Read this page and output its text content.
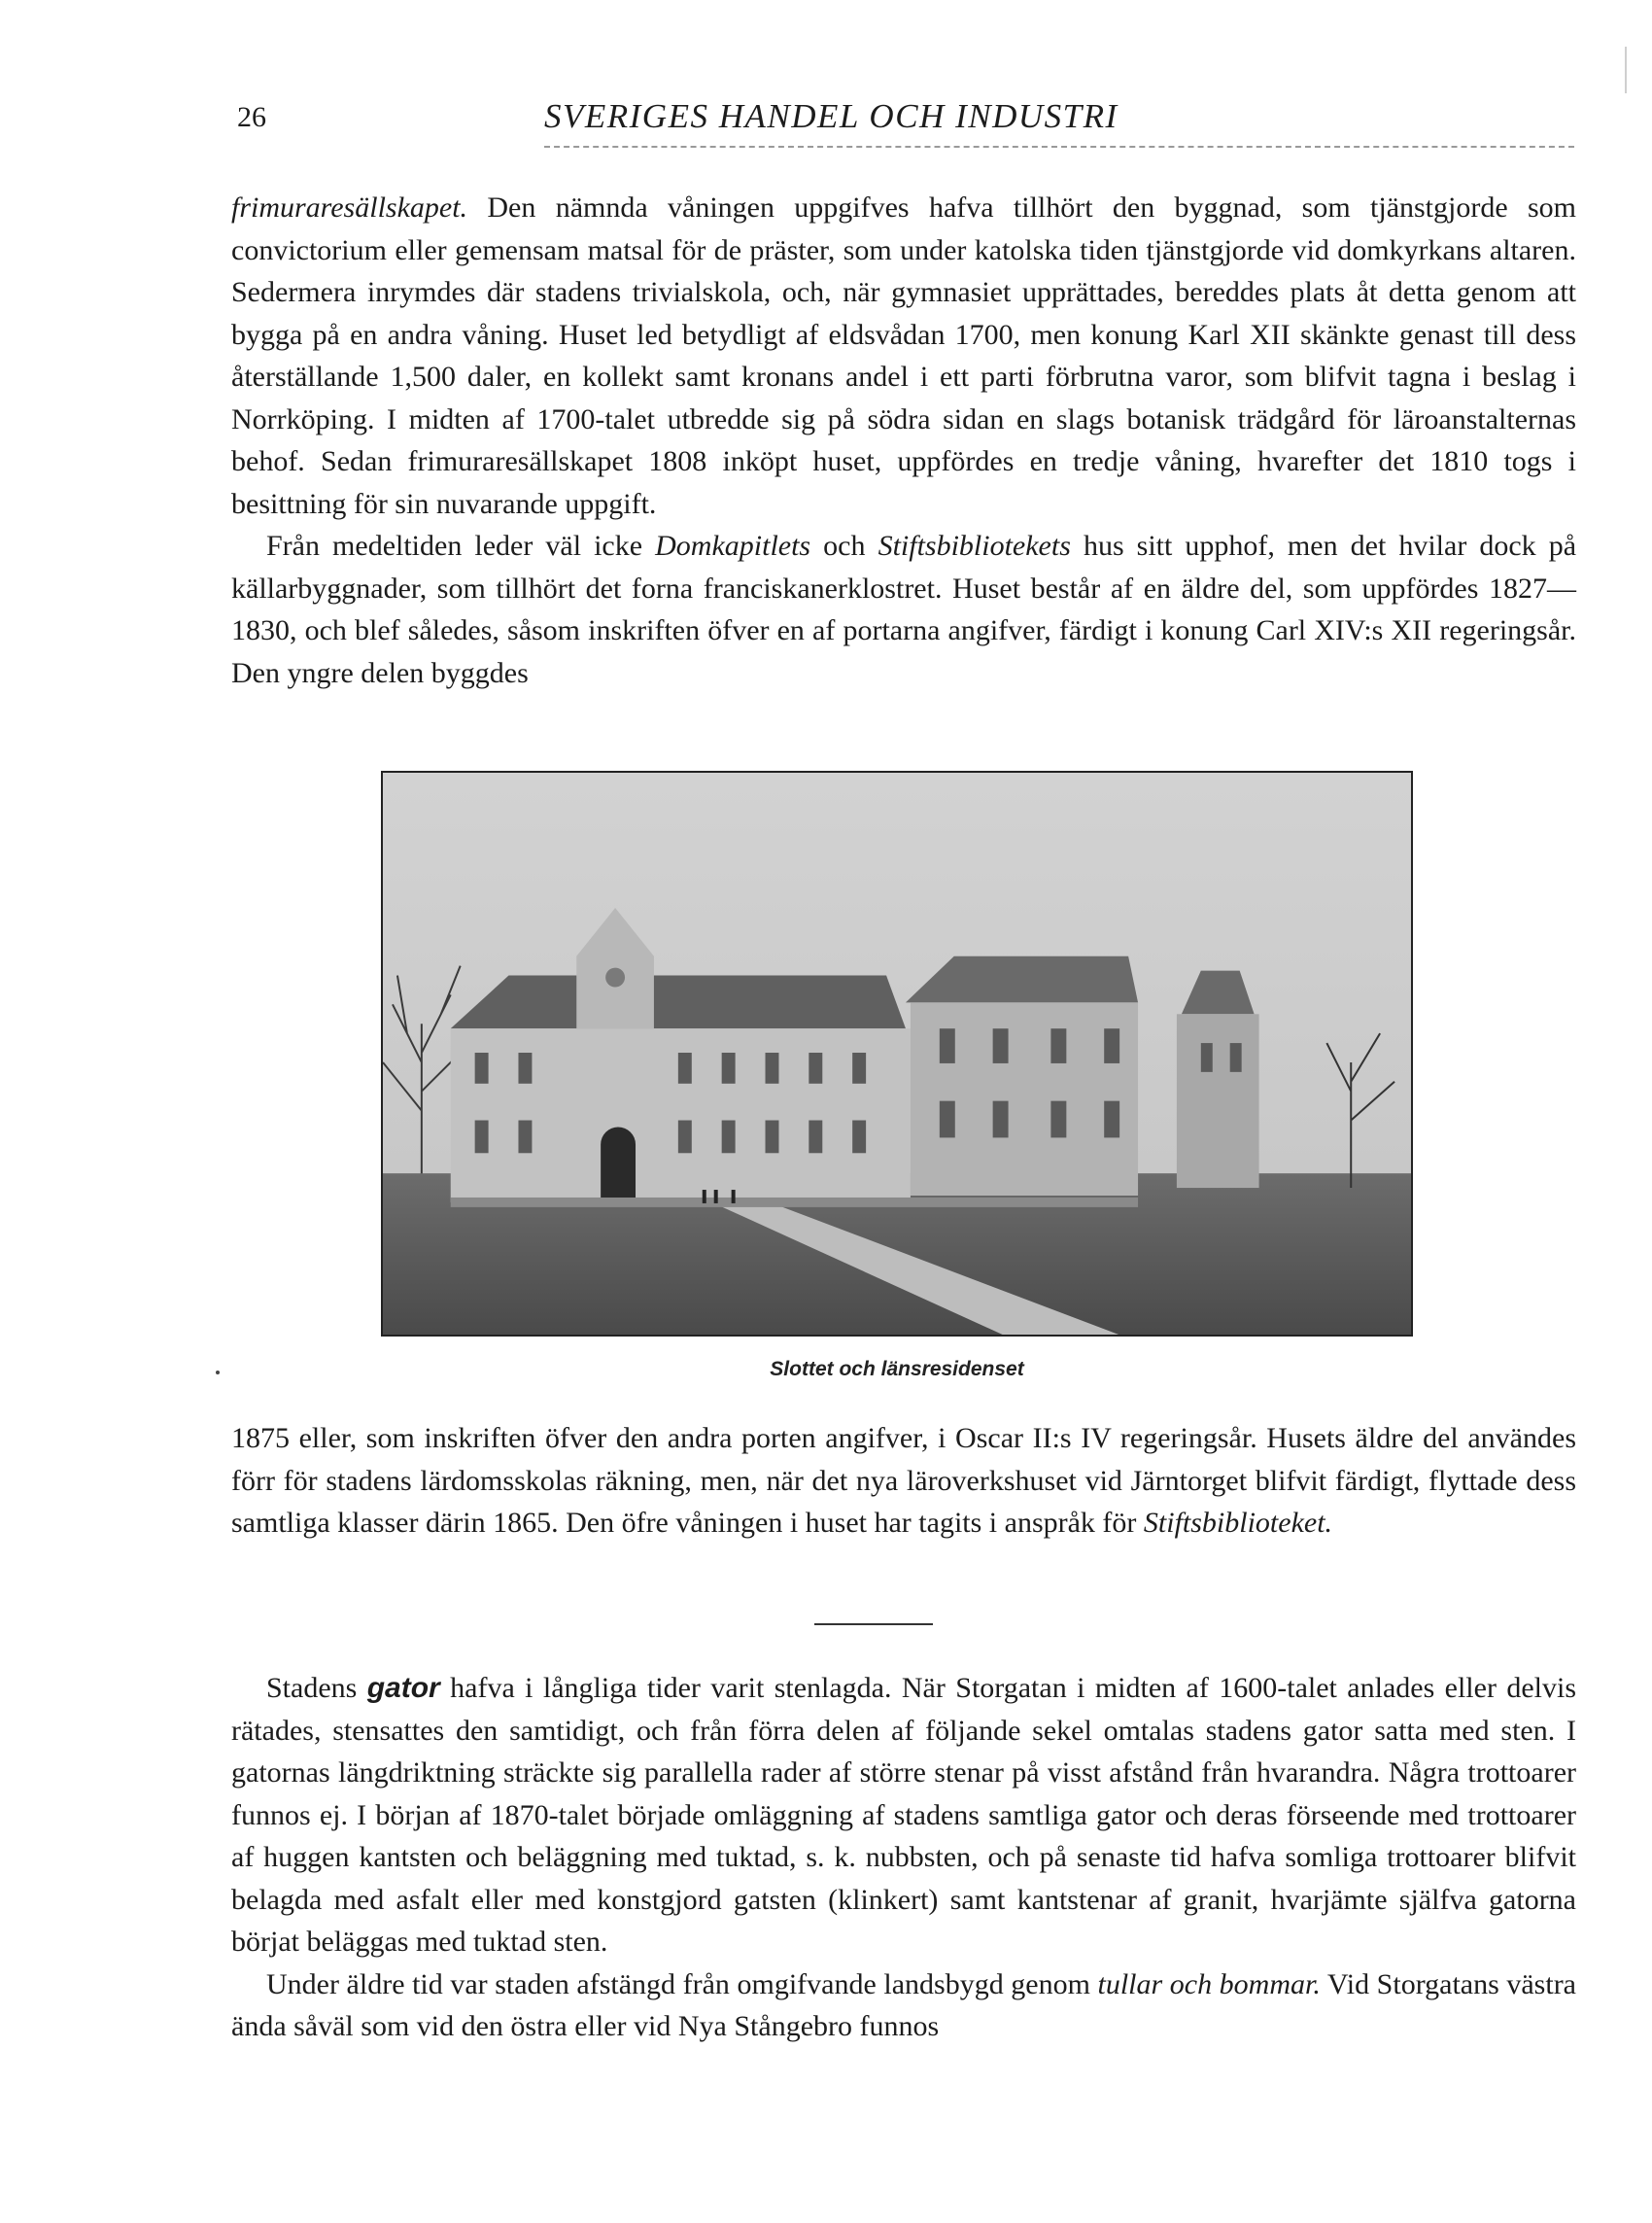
26	SVERIGES HANDEL OCH INDUSTRI

frimuraresällskapet. Den nämnda våningen uppgifves hafva tillhört den byggnad, som tjänstgjorde som convictorium eller gemensam matsal för de präster, som under katolska tiden tjänstgjorde vid domkyrkans altaren. Sedermera inrymdes där stadens trivialskola, och, när gymnasiet upprättades, bereddes plats åt detta genom att bygga på en andra våning. Huset led betydligt af eldsvådan 1700, men konung Karl XII skänkte genast till dess återställande 1,500 daler, en kollekt samt kronans andel i ett parti förbrutna varor, som blifvit tagna i beslag i Norrköping. I midten af 1700-talet utbredde sig på södra sidan en slags botanisk trädgård för läroanstalternas behof. Sedan frimuraresällskapet 1808 inköpt huset, uppfördes en tredje våning, hvarefter det 1810 togs i besittning för sin nuvarande uppgift.

Från medeltiden leder väl icke Domkapitlets och Stiftsbibliotekets hus sitt upphof, men det hvilar dock på källarbyggnader, som tillhört det forna franciskanerklostret. Huset består af en äldre del, som uppfördes 1827—1830, och blef således, såsom inskriften öfver en af portarna angifver, färdigt i konung Carl XIV:s XII regeringsår. Den yngre delen byggdes

Slottet och länsresidenset

1875 eller, som inskriften öfver den andra porten angifver, i Oscar II:s IV regeringsår. Husets äldre del användes förr för stadens lärdomsskolas räkning, men, när det nya läroverkshuset vid Järntorget blifvit färdigt, flyttade dess samtliga klasser därin 1865. Den öfre våningen i huset har tagits i anspråk för Stiftsbiblioteket.

Stadens gator hafva i långliga tider varit stenlagda. När Storgatan i midten af 1600-talet anlades eller delvis rätades, stensattes den samtidigt, och från förra delen af följande sekel omtalas stadens gator satta med sten. I gatornas längdriktning sträckte sig parallella rader af större stenar på visst afstånd från hvarandra. Några trottoarer funnos ej. I början af 1870-talet började omläggning af stadens samtliga gator och deras förseende med trottoarer af huggen kantsten och beläggning med tuktad, s. k. nubbsten, och på senaste tid hafva somliga trottoarer blifvit belagda med asfalt eller med konstgjord gatsten (klinkert) samt kantstenar af granit, hvarjämte själfva gatorna börjat beläggas med tuktad sten.

Under äldre tid var staden afstängd från omgifvande landsbygd genom tullar och bommar. Vid Storgatans västra ända såväl som vid den östra eller vid Nya Stångebro funnos
